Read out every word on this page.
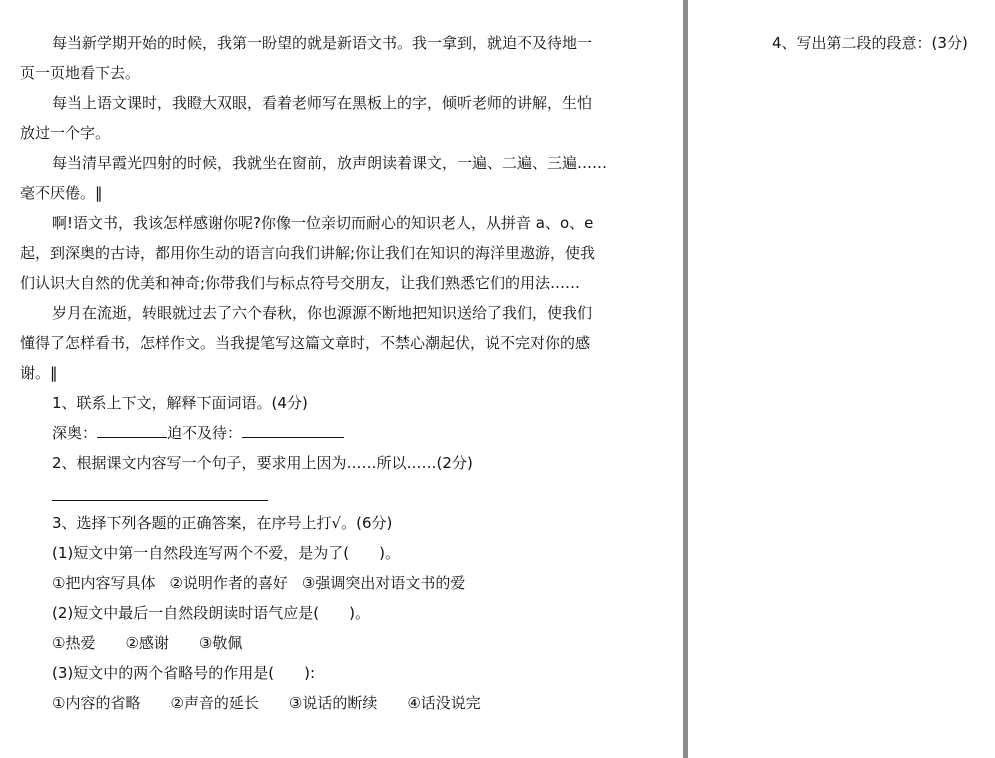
每当新学期开始的时候，我第一盼望的就是新语文书。我一拿到，就迫不及待地一
页一页地看下去。
每当上语文课时，我瞪大双眼，看着老师写在黑板上的字，倾听老师的讲解，生怕
放过一个字。
每当清早霞光四射的时候，我就坐在窗前，放声朗读着课文，一遍、二遍、三遍……
毫不厌倦。‖
啊!语文书，我该怎样感谢你呢?你像一位亲切而耐心的知识老人，从拼音 a、o、e
起，到深奥的古诗，都用你生动的语言向我们讲解;你让我们在知识的海洋里遨游，使我
们认识大自然的优美和神奇;你带我们与标点符号交朋友，让我们熟悉它们的用法……
岁月在流逝，转眼就过去了六个春秋，你也源源不断地把知识送给了我们，使我们
懂得了怎样看书，怎样作文。当我提笔写这篇文章时，不禁心潮起伏，说不完对你的感
谢。‖
1、联系上下文，解释下面词语。(4分)
深奥：	迫不及待：
2、根据课文内容写一个句子，要求用上因为……所以……(2分)
3、选择下列各题的正确答案，在序号上打√。(6分)
(1)短文中第一自然段连写两个不爱，是为了(　　)。
①把内容写具体 ②说明作者的喜好 ③强调突出对语文书的爱
(2)短文中最后一自然段朗读时语气应是(　　)。
①热爱 ②感谢 ③敬佩
(3)短文中的两个省略号的作用是(　　):
①内容的省略 ②声音的延长 ③说话的断续 ④话没说完
4、写出第二段的段意：(3分)
